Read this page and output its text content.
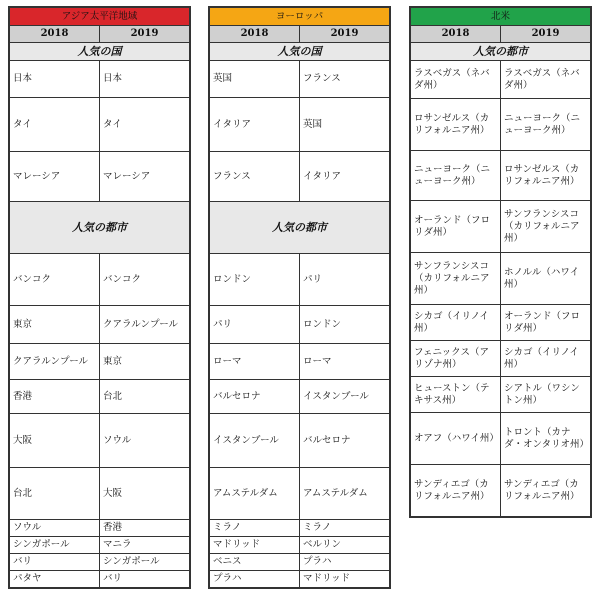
アジア太平洋地域	
2018	2019
人気の国	
日本	日本
タイ	タイ
マレーシア	マレーシア
人気の都市	
バンコク	バンコク
東京	クアラルンプール
クアラルンプール	東京
香港	台北
大阪	ソウル
台北	大阪
ソウル	香港
シンガポール	マニラ
バリ	シンガポール
パタヤ	バリ
ヨーロッパ	
2018	2019
人気の国	
英国	フランス
イタリア	英国
フランス	イタリア
人気の都市	
ロンドン	パリ
パリ	ロンドン
ローマ	ローマ
バルセロナ	イスタンブール
イスタンブール	バルセロナ
アムステルダム	アムステルダム
ミラノ	ミラノ
マドリッド	ベルリン
ベニス	プラハ
プラハ	マドリッド
北米	
2018	2019
人気の都市	
ラスベガス（ネバダ州）	ラスベガス（ネバダ州）
ロサンゼルス（カリフォルニア州）	ニューヨーク（ニューヨーク州）
ニューヨーク（ニューヨーク州）	ロサンゼルス（カリフォルニア州）
オーランド（フロリダ州）	サンフランシスコ（カリフォルニア州）
サンフランシスコ（カリフォルニア州）	ホノルル（ハワイ州）
シカゴ（イリノイ州）	オーランド（フロリダ州）
フェニックス（アリゾナ州）	シカゴ（イリノイ州）
ヒューストン（テキサス州）	シアトル（ワシントン州）
オアフ（ハワイ州）	トロント（カナダ・オンタリオ州）
サンディエゴ（カリフォルニア州）	サンディエゴ（カリフォルニア州）
